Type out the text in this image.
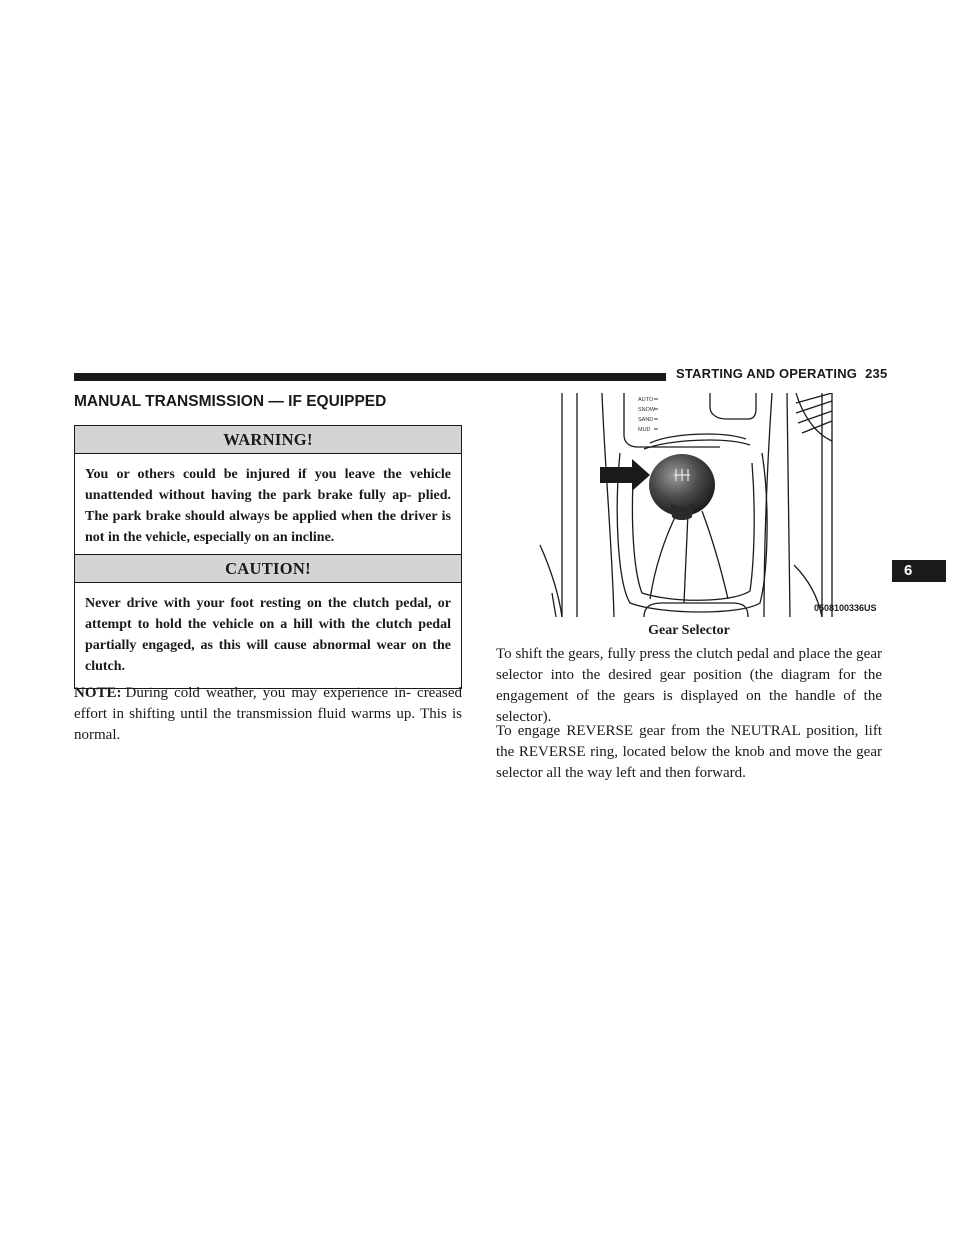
STARTING AND OPERATING 235
6
MANUAL TRANSMISSION — IF EQUIPPED
WARNING!
You or others could be injured if you leave the vehicle unattended without having the park brake fully ap- plied. The park brake should always be applied when the driver is not in the vehicle, especially on an incline.
CAUTION!
Never drive with your foot resting on the clutch pedal, or attempt to hold the vehicle on a hill with the clutch pedal partially engaged, as this will cause abnormal wear on the clutch.
NOTE: During cold weather, you may experience in- creased effort in shifting until the transmission fluid warms up. This is normal.
AUTO
SNOW
SAND
MUD
0508100336US
Gear Selector
To shift the gears, fully press the clutch pedal and place the gear selector into the desired gear position (the diagram for the engagement of the gears is displayed on the handle of the selector).
To engage REVERSE gear from the NEUTRAL position, lift the REVERSE ring, located below the knob and move the gear selector all the way left and then forward.
